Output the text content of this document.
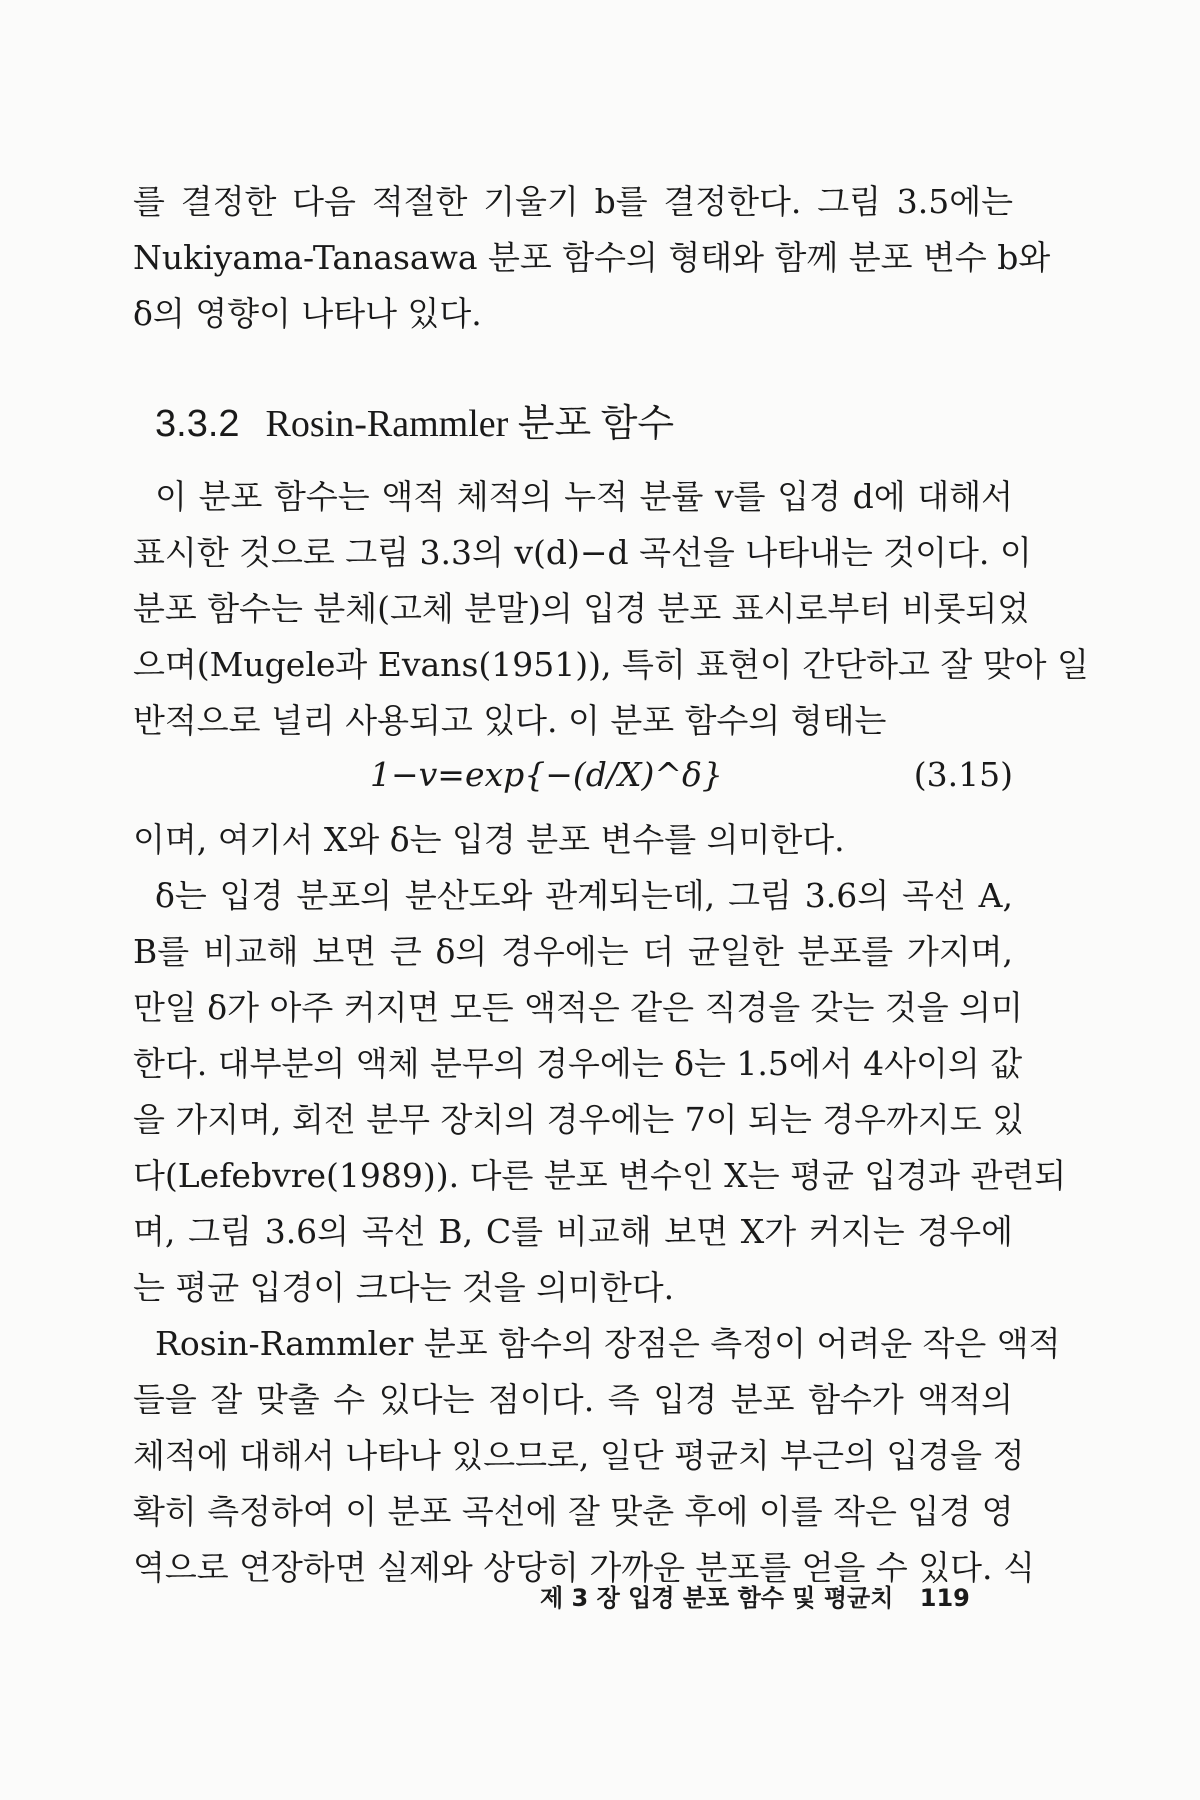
를 결정한 다음 적절한 기울기 b를 결정한다. 그림 3.5에는
Nukiyama-Tanasawa 분포 함수의 형태와 함께 분포 변수 b와
δ의 영향이 나타나 있다.
3.3.2 Rosin-Rammler 분포 함수
이 분포 함수는 액적 체적의 누적 분률 v를 입경 d에 대해서
표시한 것으로 그림 3.3의 v(d)−d 곡선을 나타내는 것이다. 이
분포 함수는 분체(고체 분말)의 입경 분포 표시로부터 비롯되었
으며(Mugele과 Evans(1951)), 특히 표현이 간단하고 잘 맞아 일
반적으로 널리 사용되고 있다. 이 분포 함수의 형태는
1−v=exp{−(d/X)^δ}	(3.15)
이며, 여기서 X와 δ는 입경 분포 변수를 의미한다.
δ는 입경 분포의 분산도와 관계되는데, 그림 3.6의 곡선 A,
B를 비교해 보면 큰 δ의 경우에는 더 균일한 분포를 가지며,
만일 δ가 아주 커지면 모든 액적은 같은 직경을 갖는 것을 의미
한다. 대부분의 액체 분무의 경우에는 δ는 1.5에서 4사이의 값
을 가지며, 회전 분무 장치의 경우에는 7이 되는 경우까지도 있
다(Lefebvre(1989)). 다른 분포 변수인 X는 평균 입경과 관련되
며, 그림 3.6의 곡선 B, C를 비교해 보면 X가 커지는 경우에
는 평균 입경이 크다는 것을 의미한다.
Rosin-Rammler 분포 함수의 장점은 측정이 어려운 작은 액적
들을 잘 맞출 수 있다는 점이다. 즉 입경 분포 함수가 액적의
체적에 대해서 나타나 있으므로, 일단 평균치 부근의 입경을 정
확히 측정하여 이 분포 곡선에 잘 맞춘 후에 이를 작은 입경 영
역으로 연장하면 실제와 상당히 가까운 분포를 얻을 수 있다. 식
제 3 장 입경 분포 함수 및 평균치 119
